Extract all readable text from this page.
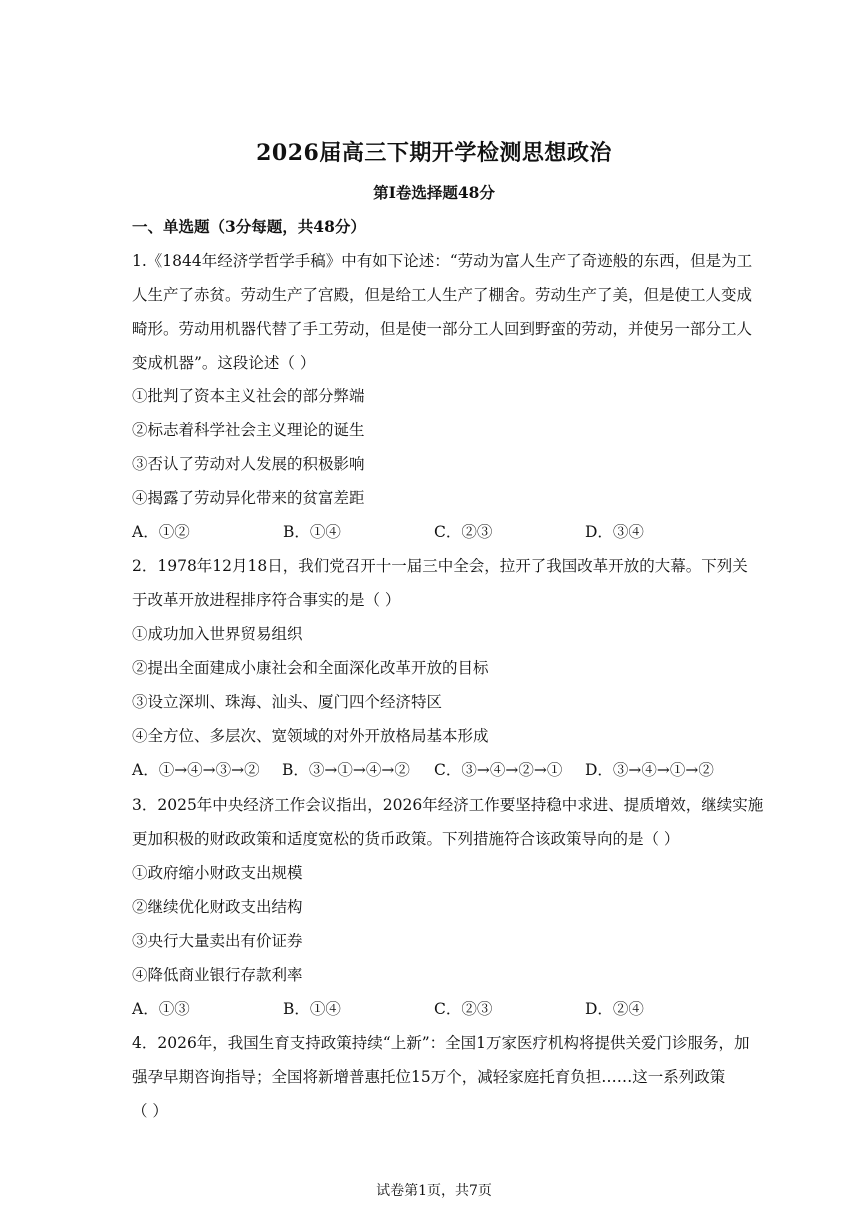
2026届高三下期开学检测思想政治
第I卷选择题48分
一、单选题（3分每题，共48分）
1.《1844年经济学哲学手稿》中有如下论述：“劳动为富人生产了奇迹般的东西，但是为工
人生产了赤贫。劳动生产了宫殿，但是给工人生产了棚舍。劳动生产了美，但是使工人变成
畸形。劳动用机器代替了手工劳动，但是使一部分工人回到野蛮的劳动，并使另一部分工人
变成机器”。这段论述（ ）
①批判了资本主义社会的部分弊端
②标志着科学社会主义理论的诞生
③否认了劳动对人发展的积极影响
④揭露了劳动异化带来的贫富差距
A．①②	B．①④	C．②③	D．③④
2．1978年12月18日，我们党召开十一届三中全会，拉开了我国改革开放的大幕。下列关
于改革开放进程排序符合事实的是（ ）
①成功加入世界贸易组织
②提出全面建成小康社会和全面深化改革开放的目标
③设立深圳、珠海、汕头、厦门四个经济特区
④全方位、多层次、宽领域的对外开放格局基本形成
A．①→④→③→② B．③→①→④→② C．③→④→②→① D．③→④→①→②
3．2025年中央经济工作会议指出，2026年经济工作要坚持稳中求进、提质增效，继续实施
更加积极的财政政策和适度宽松的货币政策。下列措施符合该政策导向的是（ ）
①政府缩小财政支出规模
②继续优化财政支出结构
③央行大量卖出有价证券
④降低商业银行存款利率
A．①③	B．①④	C．②③	D．②④
4．2026年，我国生育支持政策持续“上新”：全国1万家医疗机构将提供关爱门诊服务，加
强孕早期咨询指导；全国将新增普惠托位15万个，减轻家庭托育负担……这一系列政策
（ ）
试卷第1页，共7页
